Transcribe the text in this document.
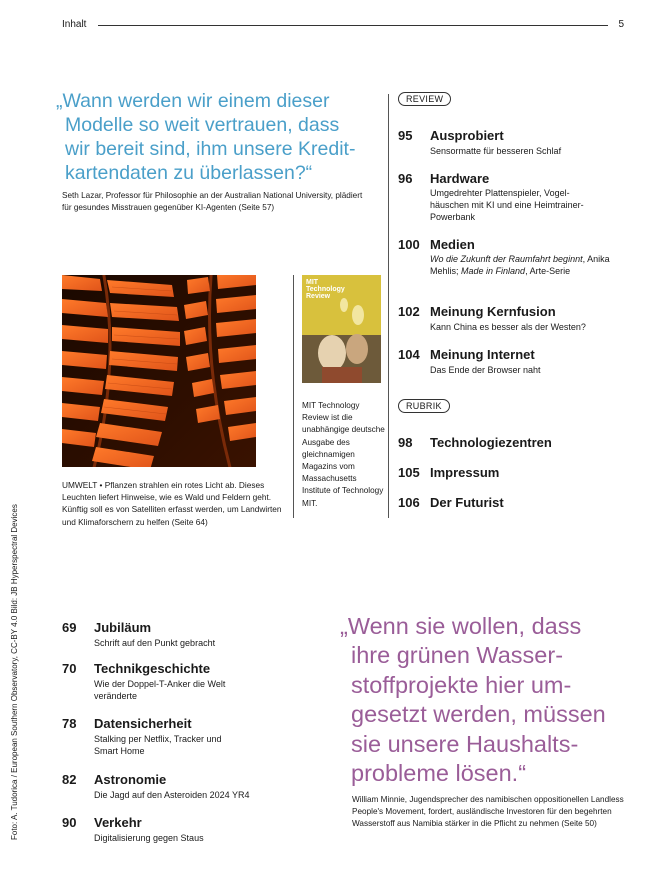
Inhalt	5
„Wann werden wir einem dieser
Modelle so weit vertrauen, dass
wir bereit sind, ihm unsere Kredit-
kartendaten zu überlassen?“
Seth Lazar, Professor für Philosophie an der Australian National University, plädiert für gesundes Misstrauen gegenüber KI-Agenten (Seite 57)
REVIEW
95 Ausprobiert
Sensormatte für besseren Schlaf
96 Hardware
Umgedrehter Plattenspieler, Vogel-
häuschen mit KI und eine Heimtrainer-
Powerbank
100 Medien
Wo die Zukunft der Raumfahrt beginnt, Anika Mehlis; Made in Finland, Arte-Serie
102 Meinung Kernfusion
Kann China es besser als der Westen?
104 Meinung Internet
Das Ende der Browser naht
RUBRIK
98 Technologiezentren
105 Impressum
106 Der Futurist
UMWELT • Pflanzen strahlen ein rotes Licht ab. Dieses Leuchten liefert Hinweise, wie es Wald und Feldern geht. Künftig soll es von Satelliten erfasst werden, um Landwirten und Klimaforschern zu helfen (Seite 64)
MIT Technology Review
MIT Technology Review ist die unabhängige deutsche Ausgabe des gleichnamigen Magazins vom Massachusetts Institute of Technology MIT.
69 Jubiläum
Schrift auf den Punkt gebracht
70 Technikgeschichte
Wie der Doppel-T-Anker die Welt veränderte
78 Datensicherheit
Stalking per Netflix, Tracker und Smart Home
82 Astronomie
Die Jagd auf den Asteroiden 2024 YR4
90 Verkehr
Digitalisierung gegen Staus
Foto: A. Tudorica / European Southern Observatory, CC-BY 4.0 Bild: JB Hyperspectral Devices	„Wenn sie wollen, dass
ihre grünen Wasser-
stoffprojekte hier um-
gesetzt werden, müssen
sie unsere Haushalts-
probleme lösen.“
William Minnie, Jugendsprecher des namibischen oppositionellen Landless People's Movement, fordert, ausländische Investoren für den begehrten Wasserstoff aus Namibia stärker in die Pflicht zu nehmen (Seite 50)
